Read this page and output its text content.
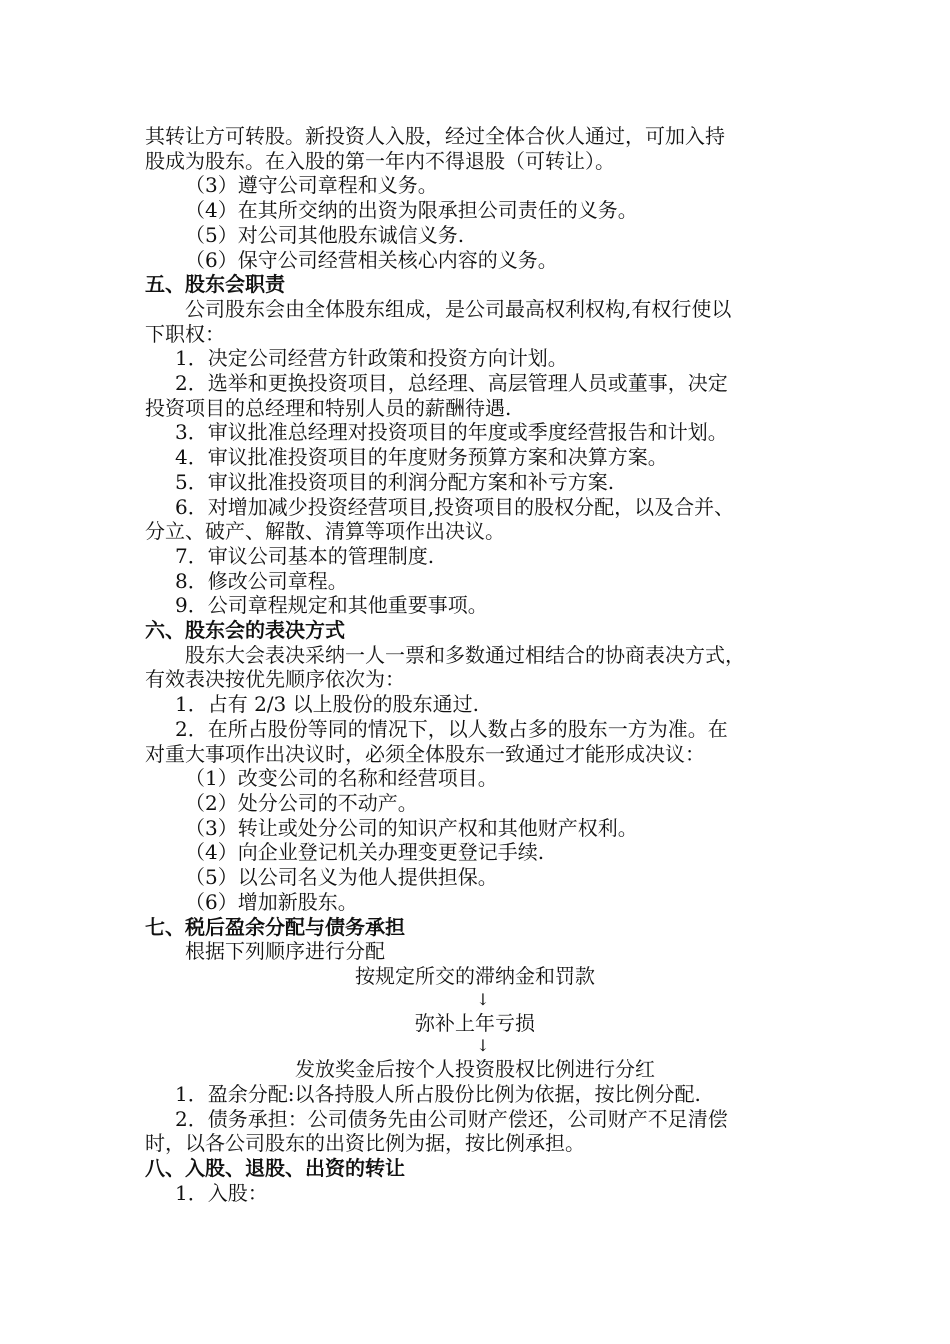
其转让方可转股。新投资人入股，经过全体合伙人通过，可加入持
股成为股东。在入股的第一年内不得退股（可转让）。
（3）遵守公司章程和义务。
（4）在其所交纳的出资为限承担公司责任的义务。
（5）对公司其他股东诚信义务.
（6）保守公司经营相关核心内容的义务。
五、股东会职责
公司股东会由全体股东组成，是公司最高权利权构,有权行使以
下职权：
1．决定公司经营方针政策和投资方向计划。
2．选举和更换投资项目，总经理、高层管理人员或董事，决定
投资项目的总经理和特别人员的薪酬待遇.
3．审议批准总经理对投资项目的年度或季度经营报告和计划。
4．审议批准投资项目的年度财务预算方案和决算方案。
5．审议批准投资项目的利润分配方案和补亏方案.
6．对增加减少投资经营项目,投资项目的股权分配，以及合并、
分立、破产、解散、清算等项作出决议。
7．审议公司基本的管理制度.
8．修改公司章程。
9．公司章程规定和其他重要事项。
六、股东会的表决方式
股东大会表决采纳一人一票和多数通过相结合的协商表决方式，
有效表决按优先顺序依次为：
1．占有 2/3 以上股份的股东通过.
2．在所占股份等同的情况下，以人数占多的股东一方为准。在
对重大事项作出决议时，必须全体股东一致通过才能形成决议：
（1）改变公司的名称和经营项目。
（2）处分公司的不动产。
（3）转让或处分公司的知识产权和其他财产权利。
（4）向企业登记机关办理变更登记手续.
（5）以公司名义为他人提供担保。
（6）增加新股东。
七、税后盈余分配与债务承担
根据下列顺序进行分配
按规定所交的滞纳金和罚款
↓
弥补上年亏损
↓
发放奖金后按个人投资股权比例进行分红
1．盈余分配:以各持股人所占股份比例为依据，按比例分配.
2．债务承担：公司债务先由公司财产偿还，公司财产不足清偿
时，以各公司股东的出资比例为据，按比例承担。
八、入股、退股、出资的转让
1．入股：
